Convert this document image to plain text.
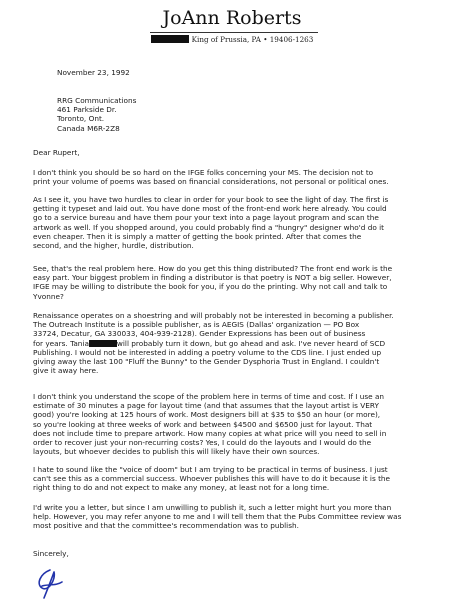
JoAnn Roberts
King of Prussia, PA • 19406-1263
November 23, 1992
RRG Communications
461 Parkside Dr.
Toronto, Ont.
Canada M6R-2Z8
Dear Rupert,
I don't think you should be so hard on the IFGE folks concerning your MS. The decision not to
print your volume of poems was based on financial considerations, not personal or political ones.
As I see it, you have two hurdles to clear in order for your book to see the light of day. The first is
getting it typeset and laid out. You have done most of the front-end work here already. You could
go to a service bureau and have them pour your text into a page layout program and scan the
artwork as well. If you shopped around, you could probably find a "hungry" designer who'd do it
even cheaper. Then it is simply a matter of getting the book printed. After that comes the
second, and the higher, hurdle, distribution.
See, that's the real problem here. How do you get this thing distributed? The front end work is the
easy part. Your biggest problem in finding a distributor is that poetry is NOT a big seller. However,
IFGE may be willing to distribute the book for you, if you do the printing. Why not call and talk to
Yvonne?
Renaissance operates on a shoestring and will probably not be interested in becoming a publisher.
The Outreach Institute is a possible publisher, as is AEGIS (Dallas' organization — PO Box
33724, Decatur, GA 330033, 404-939-2128). Gender Expressions has been out of business
for years. Tania	will probably turn it down, but go ahead and ask. I've never heard of SCD
Publishing. I would not be interested in adding a poetry volume to the CDS line. I just ended up
giving away the last 100 "Fluff the Bunny" to the Gender Dysphoria Trust in England. I couldn't
give it away here.
I don't think you understand the scope of the problem here in terms of time and cost. If I use an
estimate of 30 minutes a page for layout time (and that assumes that the layout artist is VERY
good) you're looking at 125 hours of work. Most designers bill at $35 to $50 an hour (or more),
so you're looking at three weeks of work and between $4500 and $6500 just for layout. That
does not include time to prepare artwork. How many copies at what price will you need to sell in
order to recover just your non-recurring costs? Yes, I could do the layouts and I would do the
layouts, but whoever decides to publish this will likely have their own sources.
I hate to sound like the "voice of doom" but I am trying to be practical in terms of business. I just
can't see this as a commercial success. Whoever publishes this will have to do it because it is the
right thing to do and not expect to make any money, at least not for a long time.
I'd write you a letter, but since I am unwilling to publish it, such a letter might hurt you more than
help. However, you may refer anyone to me and I will tell them that the Pubs Committee review was
most positive and that the committee's recommendation was to publish.
Sincerely,
